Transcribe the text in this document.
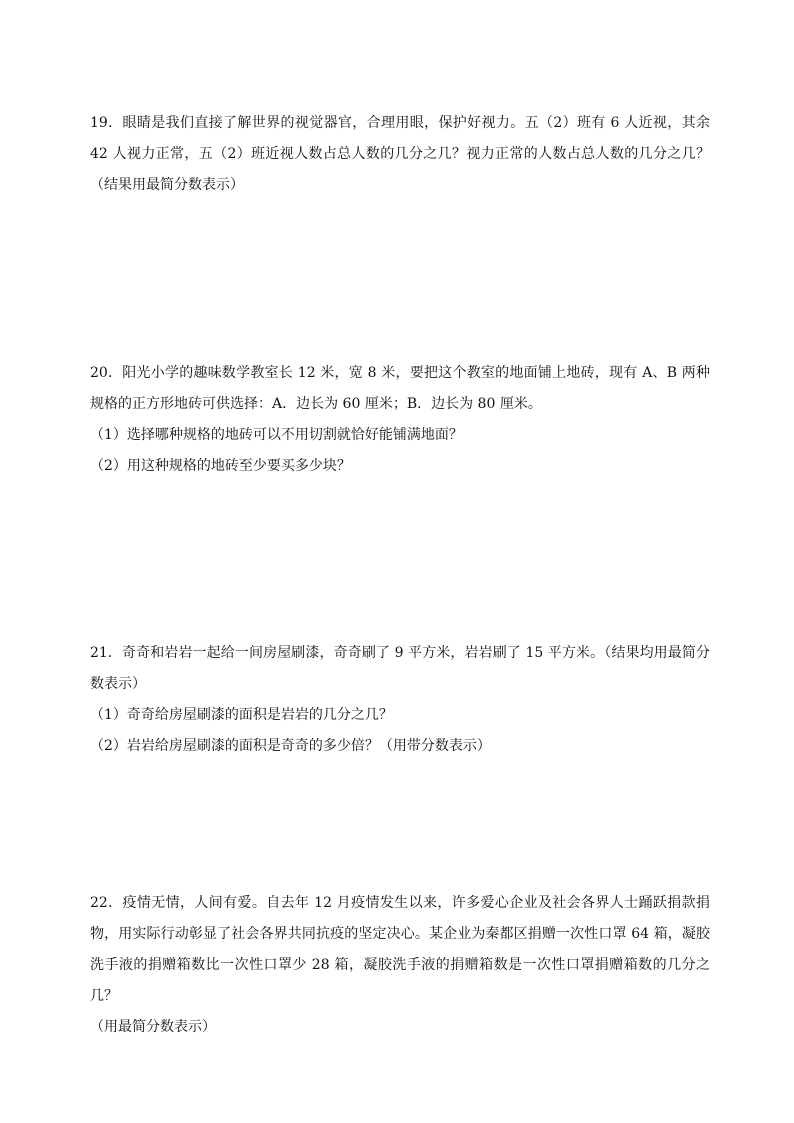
19．眼睛是我们直接了解世界的视觉器官，合理用眼，保护好视力。五（2）班有 6 人近视，其余 42 人视力正常，五（2）班近视人数占总人数的几分之几？视力正常的人数占总人数的几分之几？（结果用最简分数表示）

20．阳光小学的趣味数学教室长 12 米，宽 8 米，要把这个教室的地面铺上地砖，现有 A、B 两种规格的正方形地砖可供选择：A．边长为 60 厘米；B．边长为 80 厘米。

（1）选择哪种规格的地砖可以不用切割就恰好能铺满地面？

（2）用这种规格的地砖至少要买多少块？

21．奇奇和岩岩一起给一间房屋刷漆，奇奇刷了 9 平方米，岩岩刷了 15 平方米。（结果均用最简分数表示）

（1）奇奇给房屋刷漆的面积是岩岩的几分之几？

（2）岩岩给房屋刷漆的面积是奇奇的多少倍？（用带分数表示）

22．疫情无情，人间有爱。自去年 12 月疫情发生以来，许多爱心企业及社会各界人士踊跃捐款捐物，用实际行动彰显了社会各界共同抗疫的坚定决心。某企业为秦都区捐赠一次性口罩 64 箱，凝胶洗手液的捐赠箱数比一次性口罩少 28 箱，凝胶洗手液的捐赠箱数是一次性口罩捐赠箱数的几分之几？

（用最简分数表示）
